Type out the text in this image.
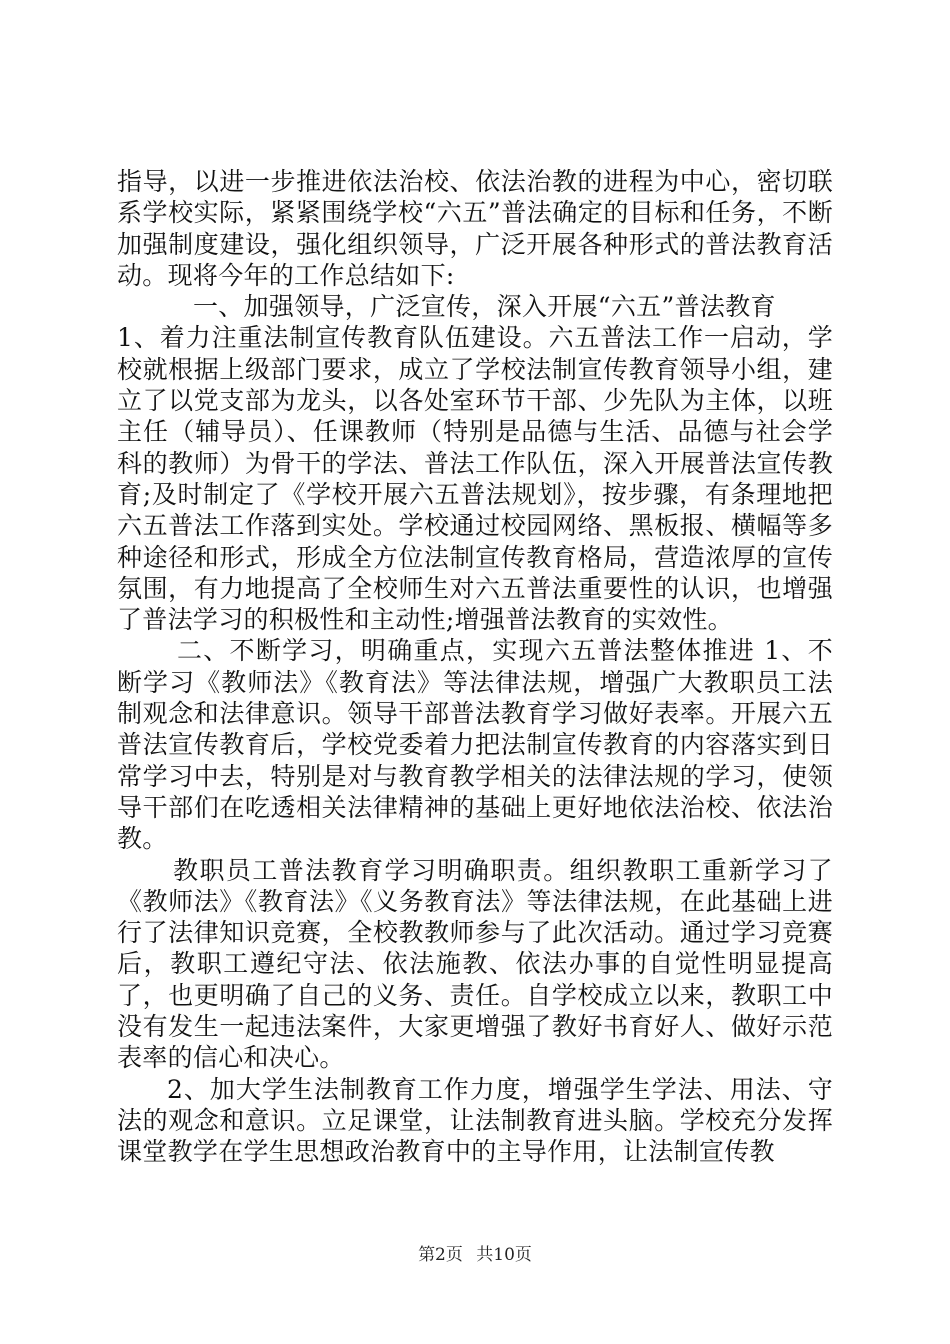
指导，以进一步推进依法治校、依法治教的进程为中心，密切联系学校实际，紧紧围绕学校“六五”普法确定的目标和任务，不断加强制度建设，强化组织领导，广泛开展各种形式的普法教育活动。现将今年的工作总结如下:

一、加强领导，广泛宣传，深入开展“六五”普法教育

1、着力注重法制宣传教育队伍建设。六五普法工作一启动，学校就根据上级部门要求，成立了学校法制宣传教育领导小组，建立了以党支部为龙头，以各处室环节干部、少先队为主体，以班主任（辅导员）、任课教师（特别是品德与生活、品德与社会学科的教师）为骨干的学法、普法工作队伍，深入开展普法宣传教育;及时制定了《学校开展六五普法规划》，按步骤，有条理地把六五普法工作落到实处。学校通过校园网络、黑板报、横幅等多种途径和形式，形成全方位法制宣传教育格局，营造浓厚的宣传氛围，有力地提高了全校师生对六五普法重要性的认识，也增强了普法学习的积极性和主动性;增强普法教育的实效性。

二、不断学习，明确重点，实现六五普法整体推进 1、不断学习《教师法》《教育法》等法律法规，增强广大教职员工法制观念和法律意识。领导干部普法教育学习做好表率。开展六五普法宣传教育后，学校党委着力把法制宣传教育的内容落实到日常学习中去，特别是对与教育教学相关的法律法规的学习，使领导干部们在吃透相关法律精神的基础上更好地依法治校、依法治教。

教职员工普法教育学习明确职责。组织教职工重新学习了《教师法》《教育法》《义务教育法》等法律法规，在此基础上进行了法律知识竞赛，全校教教师参与了此次活动。通过学习竞赛后，教职工遵纪守法、依法施教、依法办事的自觉性明显提高了，也更明确了自己的义务、责任。自学校成立以来，教职工中没有发生一起违法案件，大家更增强了教好书育好人、做好示范表率的信心和决心。

2、加大学生法制教育工作力度，增强学生学法、用法、守法的观念和意识。立足课堂，让法制教育进头脑。学校充分发挥课堂教学在学生思想政治教育中的主导作用，让法制宣传教

第2页 共10页
